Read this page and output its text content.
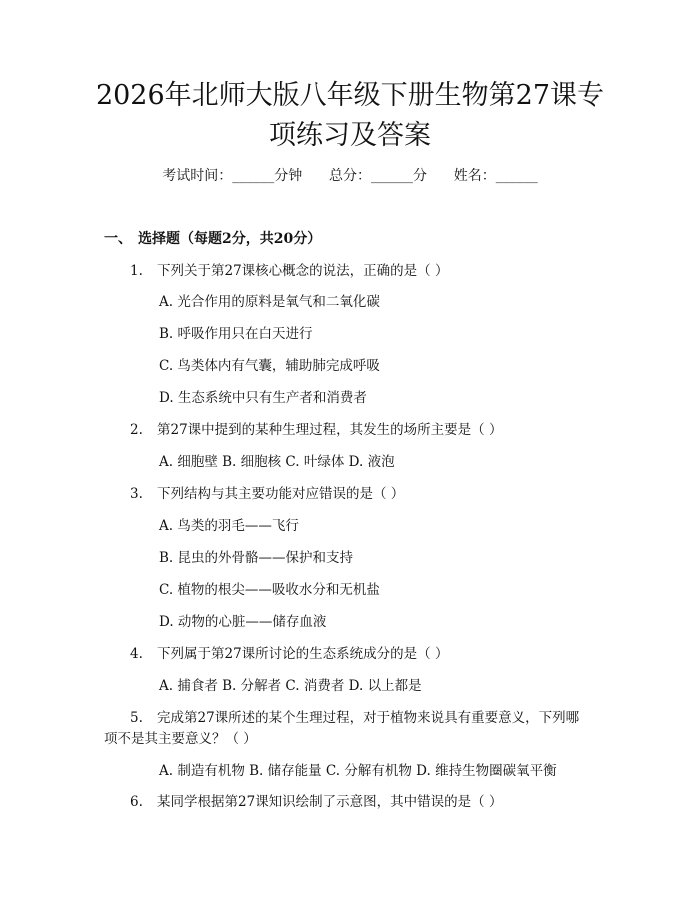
2026年北师大版八年级下册生物第27课专
项练习及答案
考试时间：______分钟      总分：______分      姓名：______
一、 选择题（每题2分，共20分）
1. 下列关于第27课核心概念的说法，正确的是（ ）
A. 光合作用的原料是氧气和二氧化碳
B. 呼吸作用只在白天进行
C. 鸟类体内有气囊，辅助肺完成呼吸
D. 生态系统中只有生产者和消费者
2. 第27课中提到的某种生理过程，其发生的场所主要是（ ）
A. 细胞壁 B. 细胞核 C. 叶绿体 D. 液泡
3. 下列结构与其主要功能对应错误的是（ ）
A. 鸟类的羽毛——飞行
B. 昆虫的外骨骼——保护和支持
C. 植物的根尖——吸收水分和无机盐
D. 动物的心脏——储存血液
4. 下列属于第27课所讨论的生态系统成分的是（ ）
A. 捕食者 B. 分解者 C. 消费者 D. 以上都是
5. 完成第27课所述的某个生理过程，对于植物来说具有重要意义，下列哪
项不是其主要意义？（ ）
A. 制造有机物 B. 储存能量 C. 分解有机物 D. 维持生物圈碳氧平衡
6. 某同学根据第27课知识绘制了示意图，其中错误的是（ ）
